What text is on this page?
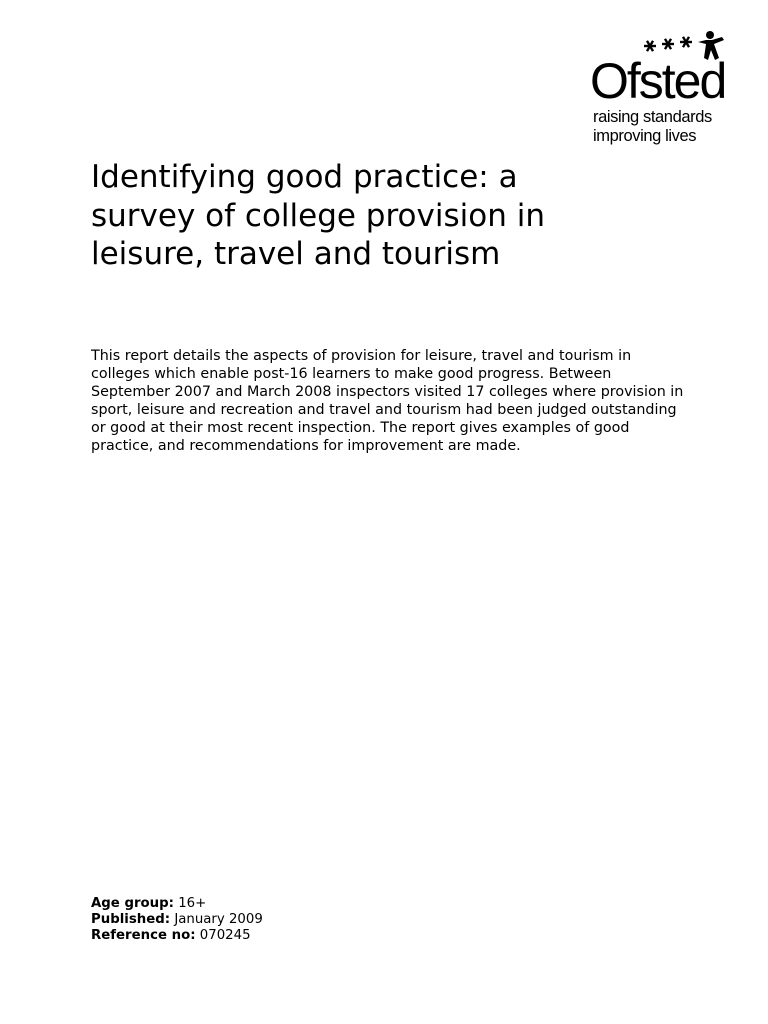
Ofsted
raising standards
improving lives
Identifying good practice: a survey of college provision in leisure, travel and tourism

This report details the aspects of provision for leisure, travel and tourism in colleges which enable post-16 learners to make good progress. Between September 2007 and March 2008 inspectors visited 17 colleges where provision in sport, leisure and recreation and travel and tourism had been judged outstanding or good at their most recent inspection. The report gives examples of good practice, and recommendations for improvement are made.

Age group: 16+
Published: January 2009
Reference no: 070245
